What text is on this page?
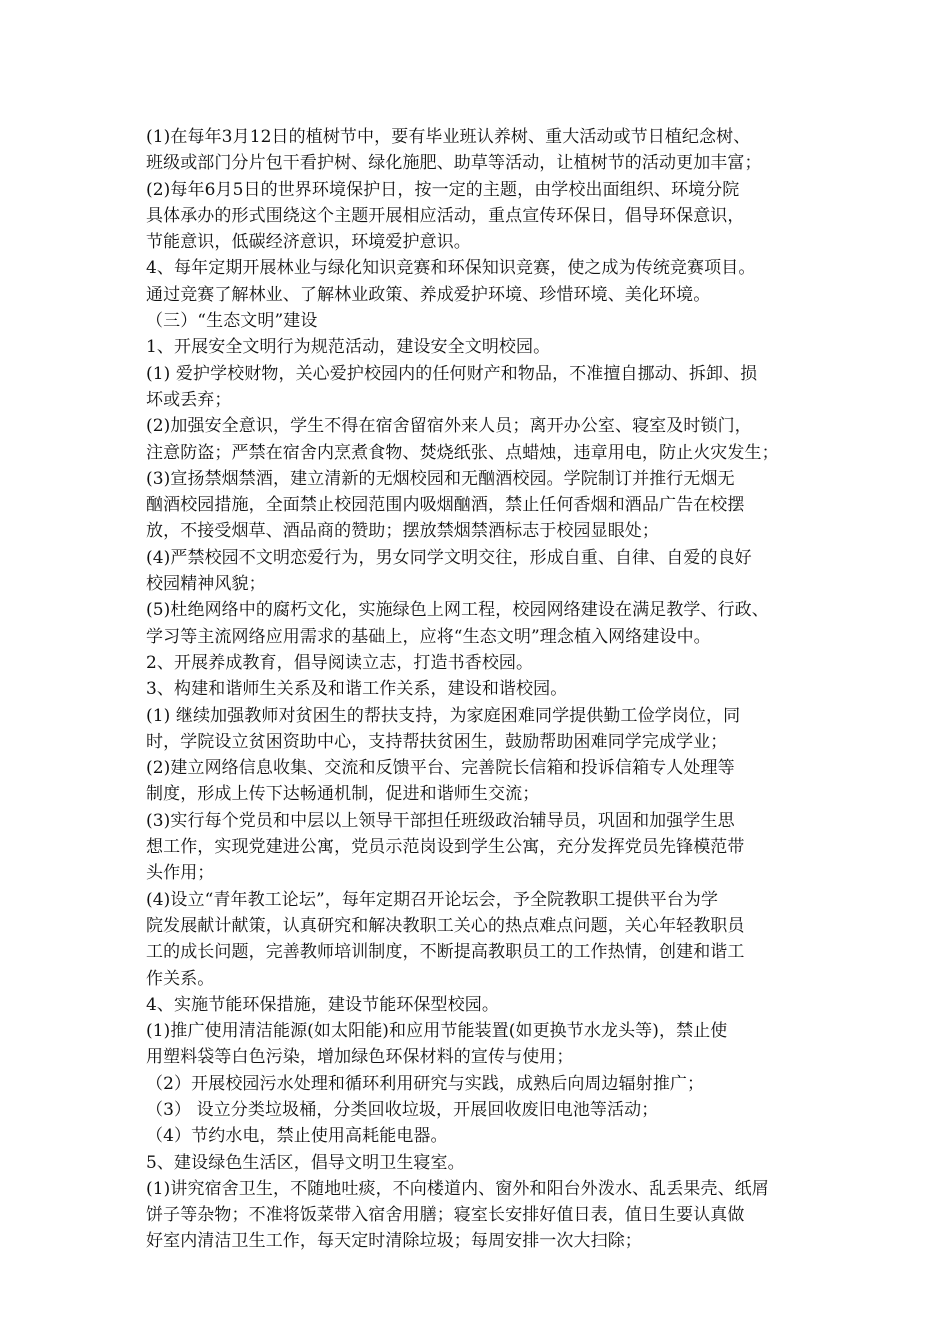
(1)在每年3月12日的植树节中，要有毕业班认养树、重大活动或节日植纪念树、
班级或部门分片包干看护树、绿化施肥、助草等活动，让植树节的活动更加丰富；
(2)每年6月5日的世界环境保护日，按一定的主题，由学校出面组织、环境分院
具体承办的形式围绕这个主题开展相应活动，重点宣传环保日，倡导环保意识，
节能意识，低碳经济意识，环境爱护意识。
4、每年定期开展林业与绿化知识竞赛和环保知识竞赛，使之成为传统竞赛项目。
通过竞赛了解林业、了解林业政策、养成爱护环境、珍惜环境、美化环境。
（三）“生态文明”建设
1、开展安全文明行为规范活动，建设安全文明校园。
(1) 爱护学校财物，关心爱护校园内的任何财产和物品，不准擅自挪动、拆卸、损
坏或丢弃；
(2)加强安全意识，学生不得在宿舍留宿外来人员；离开办公室、寝室及时锁门，
注意防盗；严禁在宿舍内烹煮食物、焚烧纸张、点蜡烛，违章用电，防止火灾发生；
(3)宣扬禁烟禁酒，建立清新的无烟校园和无酗酒校园。学院制订并推行无烟无
酗酒校园措施，全面禁止校园范围内吸烟酗酒，禁止任何香烟和酒品广告在校摆
放，不接受烟草、酒品商的赞助；摆放禁烟禁酒标志于校园显眼处；
(4)严禁校园不文明恋爱行为，男女同学文明交往，形成自重、自律、自爱的良好
校园精神风貌；
(5)杜绝网络中的腐朽文化，实施绿色上网工程，校园网络建设在满足教学、行政、
学习等主流网络应用需求的基础上，应将“生态文明”理念植入网络建设中。
2、开展养成教育，倡导阅读立志，打造书香校园。
3、构建和谐师生关系及和谐工作关系，建设和谐校园。
(1) 继续加强教师对贫困生的帮扶支持，为家庭困难同学提供勤工俭学岗位，同
时，学院设立贫困资助中心，支持帮扶贫困生，鼓励帮助困难同学完成学业；
(2)建立网络信息收集、交流和反馈平台、完善院长信箱和投诉信箱专人处理等
制度，形成上传下达畅通机制，促进和谐师生交流；
(3)实行每个党员和中层以上领导干部担任班级政治辅导员，巩固和加强学生思
想工作，实现党建进公寓，党员示范岗设到学生公寓，充分发挥党员先锋模范带
头作用；
(4)设立“青年教工论坛”，每年定期召开论坛会，予全院教职工提供平台为学
院发展献计献策，认真研究和解决教职工关心的热点难点问题，关心年轻教职员
工的成长问题，完善教师培训制度，不断提高教职员工的工作热情，创建和谐工
作关系。
4、实施节能环保措施，建设节能环保型校园。
(1)推广使用清洁能源(如太阳能)和应用节能装置(如更换节水龙头等)，禁止使
用塑料袋等白色污染，增加绿色环保材料的宣传与使用；
（2）开展校园污水处理和循环利用研究与实践，成熟后向周边辐射推广；
（3） 设立分类垃圾桶，分类回收垃圾，开展回收废旧电池等活动；
（4）节约水电，禁止使用高耗能电器。
5、建设绿色生活区，倡导文明卫生寝室。
(1)讲究宿舍卫生，不随地吐痰，不向楼道内、窗外和阳台外泼水、乱丢果壳、纸屑
饼子等杂物；不准将饭菜带入宿舍用膳；寝室长安排好值日表，值日生要认真做
好室内清洁卫生工作，每天定时清除垃圾；每周安排一次大扫除；
